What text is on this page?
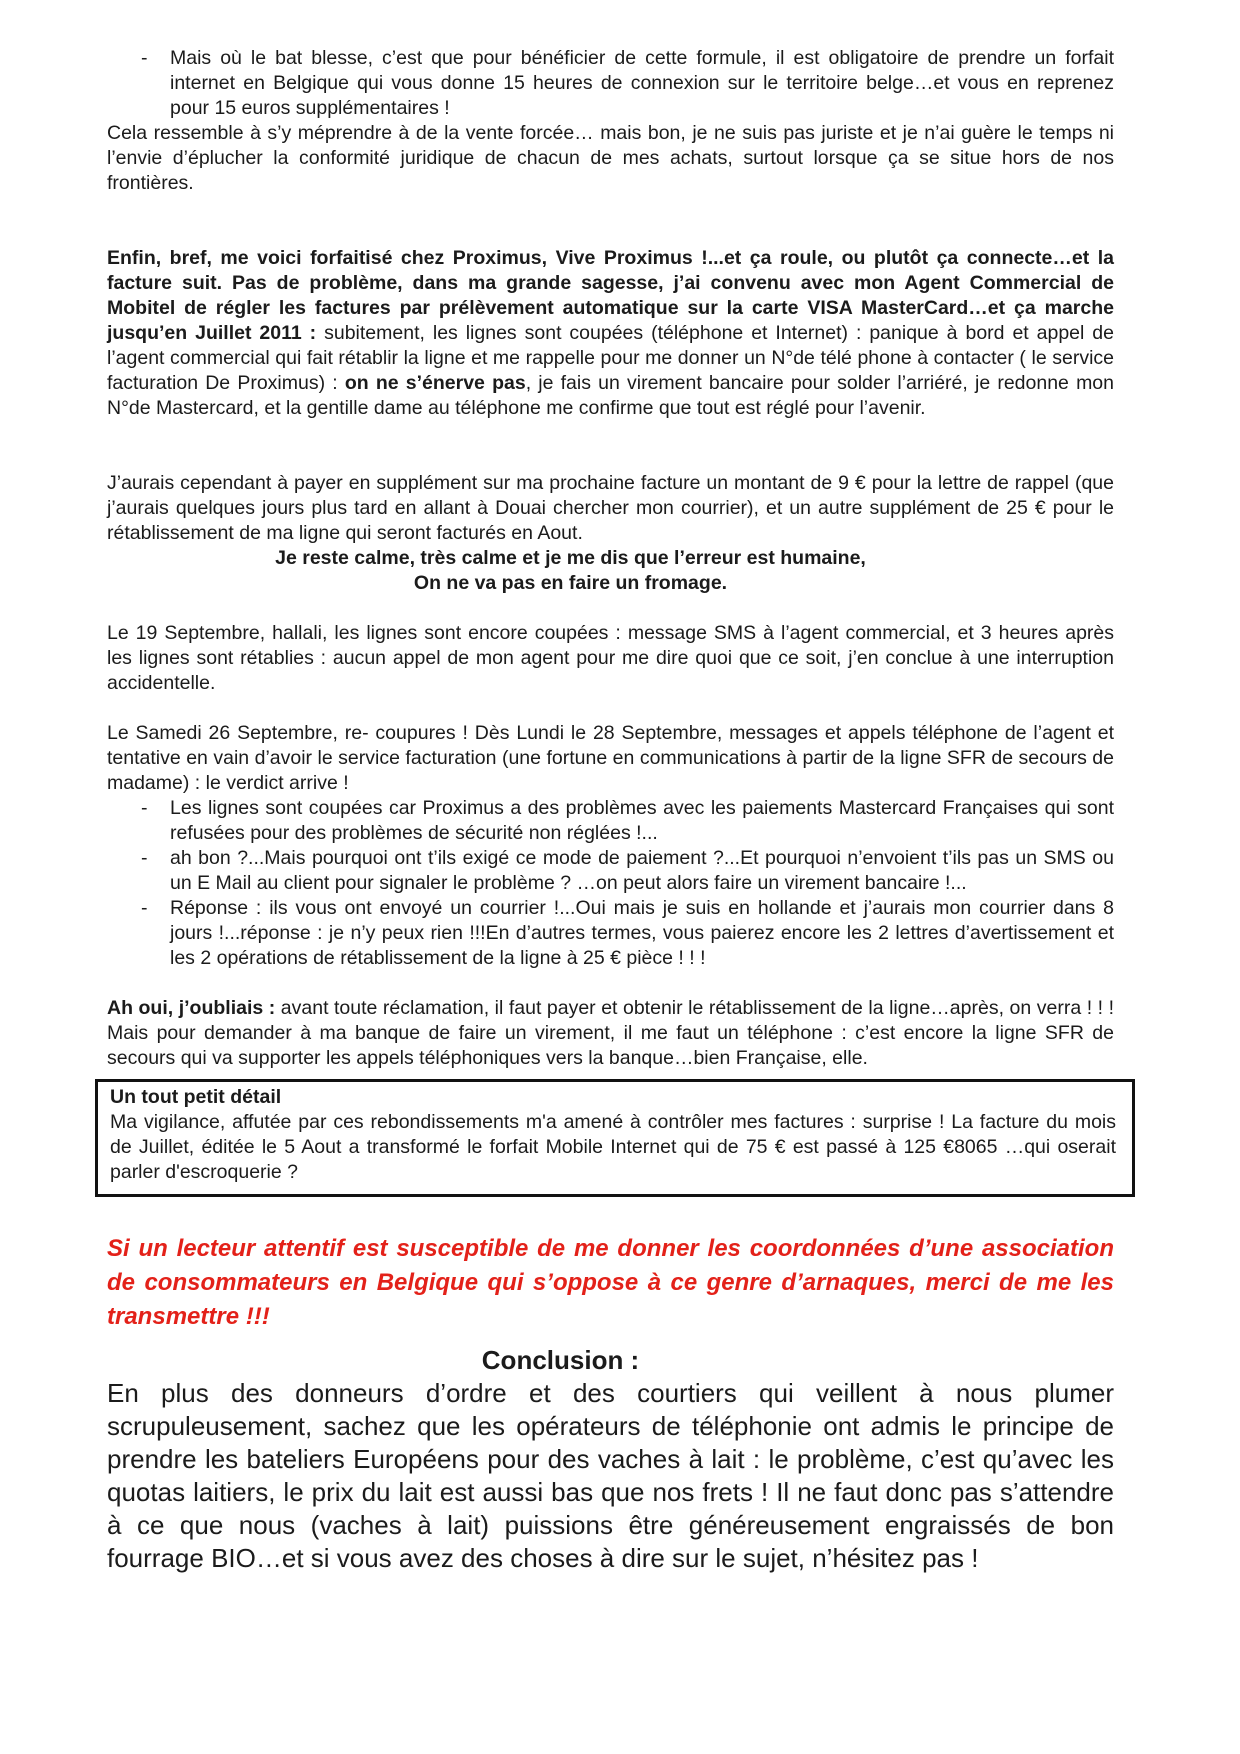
-	Mais où le bat blesse, c’est que pour bénéficier de cette formule, il est obligatoire de prendre un forfait internet en Belgique qui vous donne 15 heures de connexion sur le territoire belge…et vous en reprenez pour 15 euros supplémentaires !

Cela ressemble à s’y méprendre à de la vente forcée… mais bon, je ne suis pas juriste et je n’ai guère le temps ni l’envie d’éplucher la conformité juridique de chacun de mes achats, surtout lorsque ça se situe hors de nos frontières.

Enfin, bref, me voici forfaitisé chez Proximus, Vive Proximus !...et ça roule, ou plutôt ça connecte…et la facture suit. Pas de problème, dans ma grande sagesse, j’ai convenu avec mon Agent Commercial de Mobitel de régler les factures par prélèvement automatique sur la carte VISA MasterCard…et ça marche jusqu’en Juillet 2011 : subitement, les lignes sont coupées (téléphone et Internet) : panique à bord et appel de l’agent commercial qui fait rétablir la ligne et me rappelle pour me donner un N°de télé phone à contacter ( le service facturation De Proximus) : on ne s’énerve pas, je fais un virement bancaire pour solder l’arriéré, je redonne mon N°de Mastercard, et la gentille dame au téléphone me confirme que tout est réglé pour l’avenir.

J’aurais cependant à payer en supplément sur ma prochaine facture un montant de 9 € pour la lettre de rappel (que j’aurais quelques jours plus tard en allant à Douai chercher mon courrier), et un autre supplément de 25 € pour le rétablissement de ma ligne qui seront facturés en Aout.

Je reste calme, très calme et je me dis que l’erreur est humaine,
On ne va pas en faire un fromage.

Le 19 Septembre, hallali, les lignes sont encore coupées : message SMS à l’agent commercial, et 3 heures après les lignes sont rétablies : aucun appel de mon agent pour me dire quoi que ce soit, j’en conclue à une interruption accidentelle.

Le Samedi 26 Septembre, re- coupures ! Dès Lundi le 28 Septembre, messages et appels téléphone de l’agent et tentative en vain d’avoir le service facturation (une fortune en communications à partir de la ligne SFR de secours de madame) : le verdict arrive !

-	Les lignes sont coupées car Proximus a des problèmes avec les paiements Mastercard Françaises qui sont refusées pour des problèmes de sécurité non réglées !...
-	ah bon ?...Mais pourquoi ont t’ils exigé ce mode de paiement ?...Et pourquoi n’envoient t’ils pas un SMS ou un E Mail au client pour signaler le problème ? …on peut alors faire un virement bancaire !...
-	Réponse : ils vous ont envoyé un courrier !...Oui mais je suis en hollande et j’aurais mon courrier dans 8 jours !...réponse : je n’y peux rien !!!En d’autres termes, vous paierez encore les 2 lettres d’avertissement et les 2 opérations de rétablissement de la ligne à 25 € pièce ! ! !

Ah oui, j’oubliais : avant toute réclamation, il faut payer et obtenir le rétablissement de la ligne…après, on verra ! ! ! Mais pour demander à ma banque de faire un virement, il me faut un téléphone : c’est encore la ligne SFR de secours qui va supporter les appels téléphoniques vers la banque…bien Française, elle.

Un tout petit détail
Ma vigilance, affutée par ces rebondissements m'a amené à contrôler mes factures : surprise ! La facture du mois de Juillet, éditée le 5 Aout a transformé le forfait Mobile Internet qui de 75 € est passé à 125 €8065 …qui oserait parler d'escroquerie ?

Si un lecteur attentif est susceptible de me donner les coordonnées d’une association de consommateurs en Belgique qui s’oppose à ce genre d’arnaques, merci de me les transmettre !!!

Conclusion :

En plus des donneurs d’ordre et des courtiers qui veillent à nous plumer scrupuleusement, sachez que les opérateurs de téléphonie ont admis le principe de prendre les bateliers Européens pour des vaches à lait : le problème, c’est qu’avec les quotas laitiers, le prix du lait est aussi bas que nos frets ! Il ne faut donc pas s’attendre à ce que nous (vaches à lait) puissions être généreusement engraissés de bon fourrage BIO…et si vous avez des choses à dire sur le sujet, n’hésitez pas !
